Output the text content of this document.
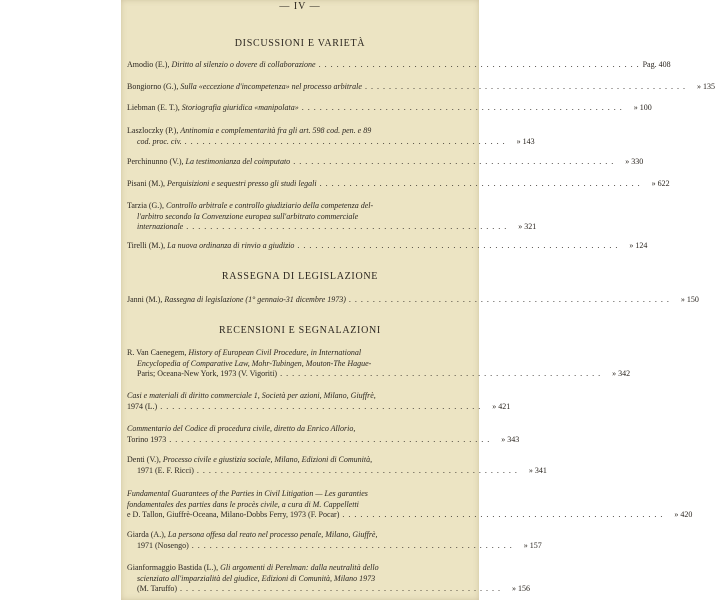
— IV —
DISCUSSIONI E VARIETÀ
Amodio (E.), Diritto al silenzio o dovere di collaborazione . . .	Pag. 408
Bongiorno (G.), Sulla «eccezione d'incompetenza» nel processo arbitrale . . .	» 135
Liebman (E. T.), Storiografia giuridica «manipolata» . . .	» 100
Laszloczky (P.), Antinomia e complementarità fra gli art. 598 cod. pen. e 89
cod. proc. civ. . . .	» 143
Perchinunno (V.), La testimonianza del coimputato . . .	» 330
Pisani (M.), Perquisizioni e sequestri presso gli studi legali . . .	» 622
Tarzia (G.), Controllo arbitrale e controllo giudiziario della competenza del-
l'arbitro secondo la Convenzione europea sull'arbitrato commerciale
internazionale . . .	» 321
Tirelli (M.), La nuova ordinanza di rinvio a giudizio . . .	» 124
RASSEGNA DI LEGISLAZIONE
Janni (M.), Rassegna di legislazione (1° gennaio-31 dicembre 1973) . . .	» 150
RECENSIONI E SEGNALAZIONI
R. Van Caenegem, History of European Civil Procedure, in International
Encyclopedia of Comparative Law, Mohr-Tubingen, Mouton-The Hague-
Paris; Oceana-New York, 1973 (V. Vigoriti) . . .	» 342
Casi e materiali di diritto commerciale 1, Società per azioni, Milano, Giuffrè,
1974 (L.) . . .	» 421
Commentario del Codice di procedura civile, diretto da Enrico Allorio,
Torino 1973 . . .	» 343
Denti (V.), Processo civile e giustizia sociale, Milano, Edizioni di Comunità,
1971 (E. F. Ricci) . . .	» 341
Fundamental Guarantees of the Parties in Civil Litigation — Les garanties
fondamentales des parties dans le procès civile, a cura di M. Cappelletti
e D. Tallon, Giuffrè-Oceana, Milano-Dobbs Ferry, 1973 (F. Pocar) . . .	» 420
Giarda (A.), La persona offesa dal reato nel processo penale, Milano, Giuffrè,
1971 (Nosengo) . . .	» 157
Gianformaggio Bastida (L.), Gli argomenti di Perelman: dalla neutralità dello
scienziato all'imparzialità del giudice, Edizioni di Comunità, Milano 1973
(M. Taruffo) . . .	» 156
